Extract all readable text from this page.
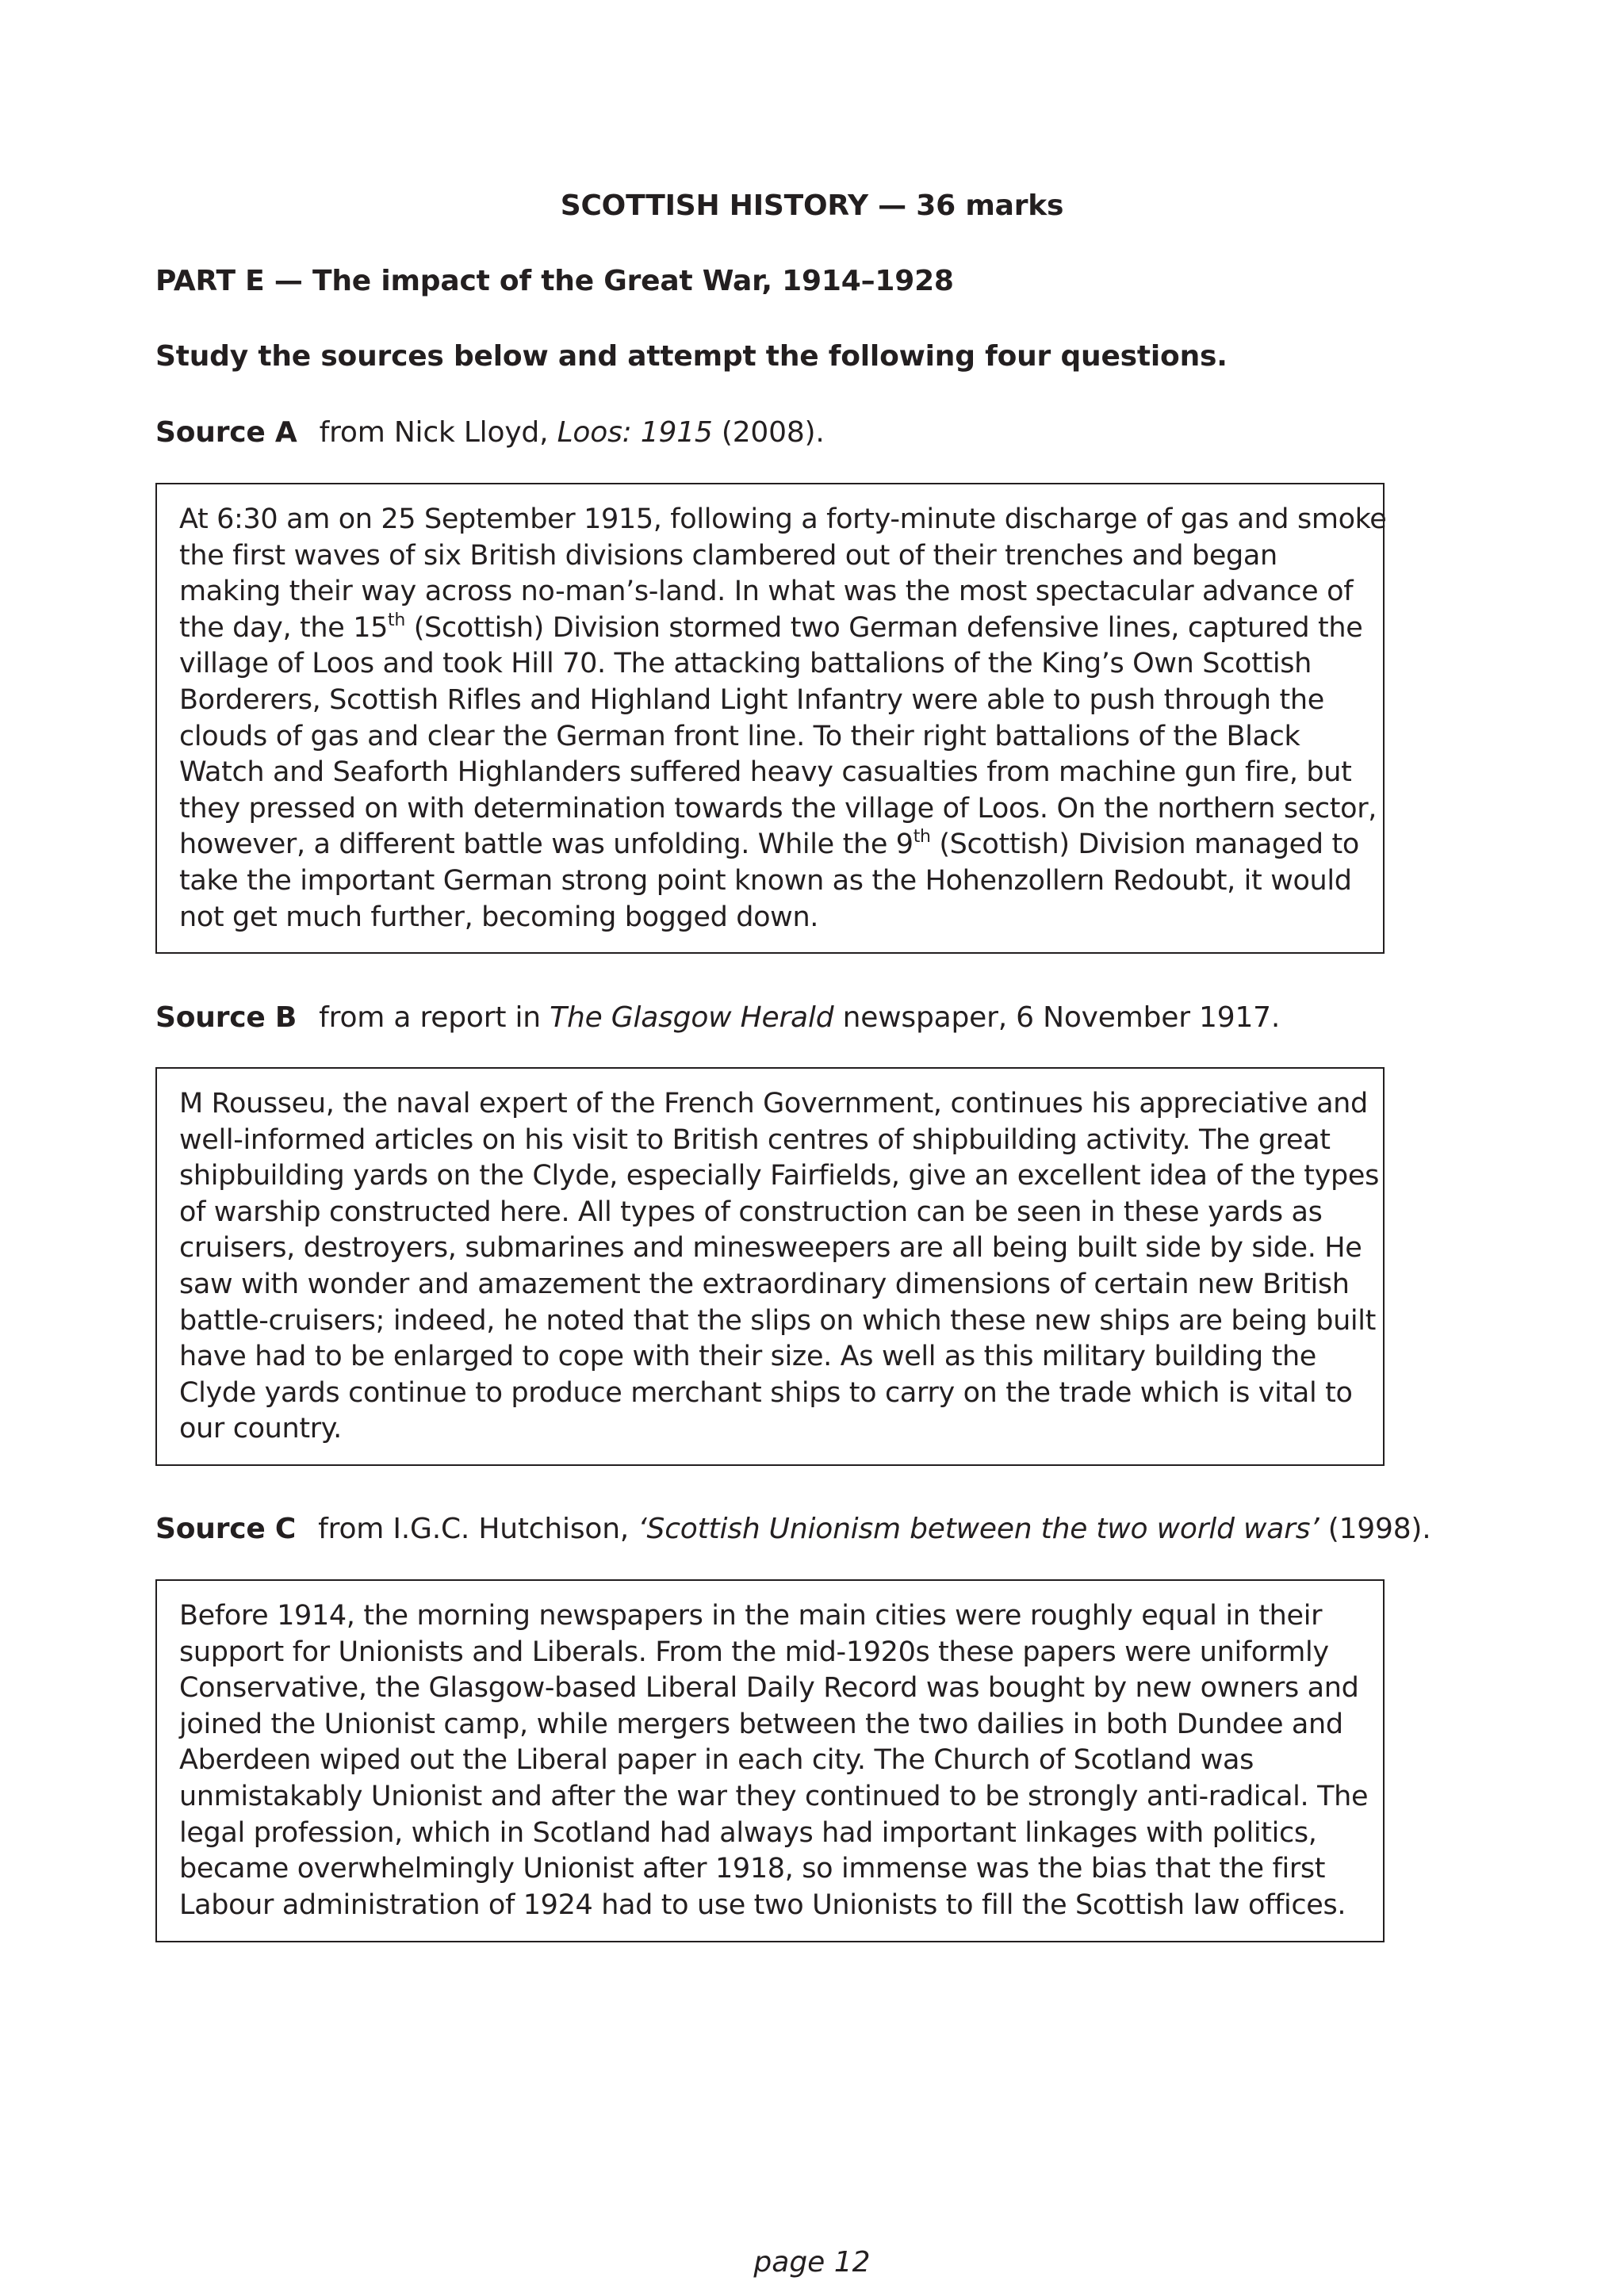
SCOTTISH HISTORY — 36 marks
PART E — The impact of the Great War, 1914–1928
Study the sources below and attempt the following four questions.
Source A from Nick Lloyd, Loos: 1915 (2008).
At 6:30 am on 25 September 1915, following a forty-minute discharge of gas and smoke
the first waves of six British divisions clambered out of their trenches and began
making their way across no-man’s-land. In what was the most spectacular advance of
the day, the 15th (Scottish) Division stormed two German defensive lines, captured the
village of Loos and took Hill 70. The attacking battalions of the King’s Own Scottish
Borderers, Scottish Rifles and Highland Light Infantry were able to push through the
clouds of gas and clear the German front line. To their right battalions of the Black
Watch and Seaforth Highlanders suffered heavy casualties from machine gun fire, but
they pressed on with determination towards the village of Loos. On the northern sector,
however, a different battle was unfolding. While the 9th (Scottish) Division managed to
take the important German strong point known as the Hohenzollern Redoubt, it would
not get much further, becoming bogged down.
Source B from a report in The Glasgow Herald newspaper, 6 November 1917.
M Rousseu, the naval expert of the French Government, continues his appreciative and
well-informed articles on his visit to British centres of shipbuilding activity. The great
shipbuilding yards on the Clyde, especially Fairfields, give an excellent idea of the types
of warship constructed here. All types of construction can be seen in these yards as
cruisers, destroyers, submarines and minesweepers are all being built side by side. He
saw with wonder and amazement the extraordinary dimensions of certain new British
battle-cruisers; indeed, he noted that the slips on which these new ships are being built
have had to be enlarged to cope with their size. As well as this military building the
Clyde yards continue to produce merchant ships to carry on the trade which is vital to
our country.
Source C from I.G.C. Hutchison, ‘Scottish Unionism between the two world wars’ (1998).
Before 1914, the morning newspapers in the main cities were roughly equal in their
support for Unionists and Liberals. From the mid-1920s these papers were uniformly
Conservative, the Glasgow-based Liberal Daily Record was bought by new owners and
joined the Unionist camp, while mergers between the two dailies in both Dundee and
Aberdeen wiped out the Liberal paper in each city. The Church of Scotland was
unmistakably Unionist and after the war they continued to be strongly anti-radical. The
legal profession, which in Scotland had always had important linkages with politics,
became overwhelmingly Unionist after 1918, so immense was the bias that the first
Labour administration of 1924 had to use two Unionists to fill the Scottish law offices.
page 12
